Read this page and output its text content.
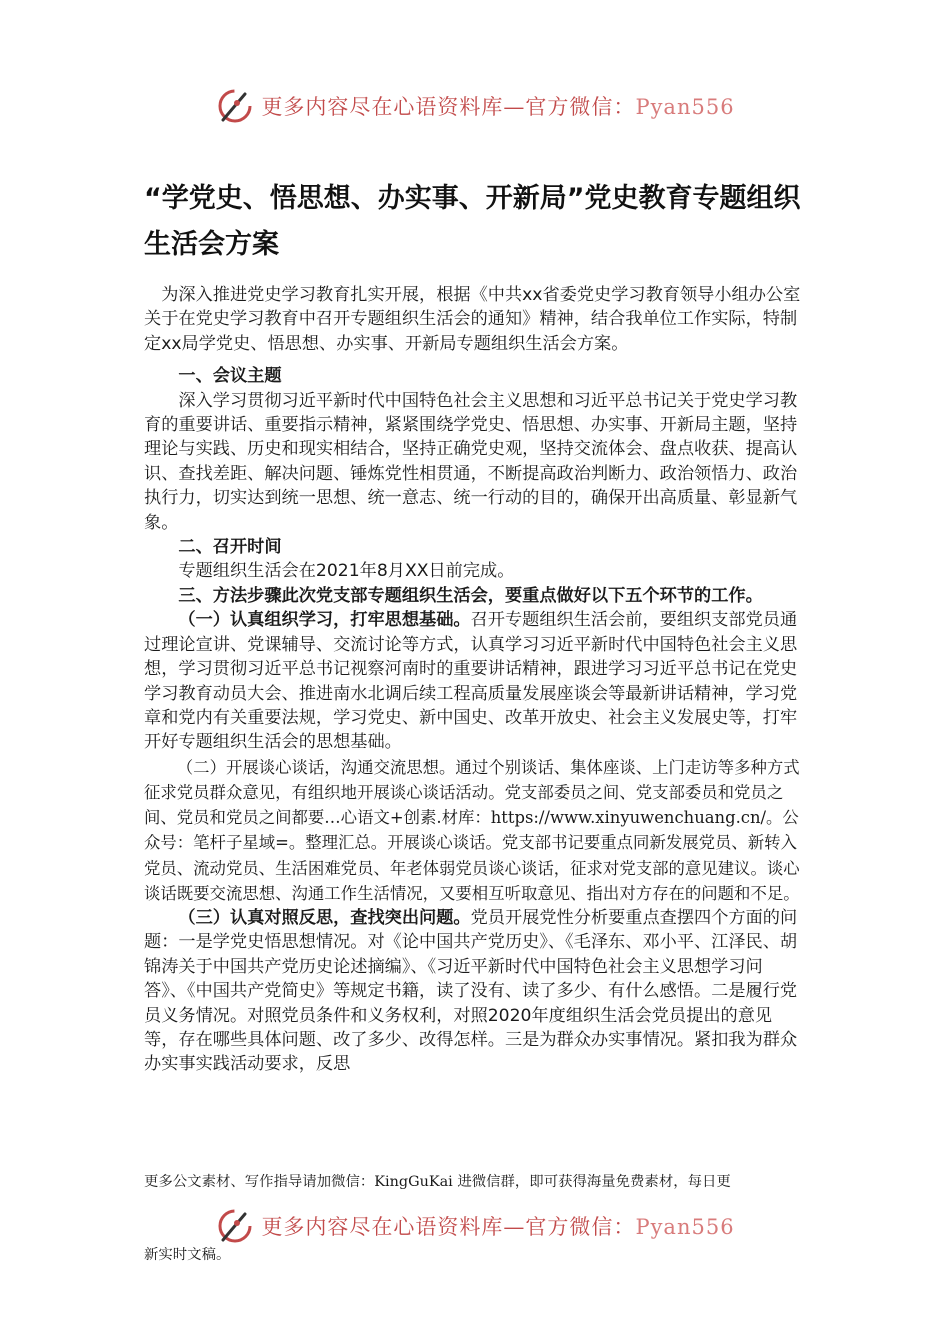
更多内容尽在心语资料库—官方微信：Pyan556
“学党史、悟思想、办实事、开新局”党史教育专题组织生活会方案

为深入推进党史学习教育扎实开展，根据《中共xx省委党史学习教育领导小组办公室关于在党史学习教育中召开专题组织生活会的通知》精神，结合我单位工作实际，特制定xx局学党史、悟思想、办实事、开新局专题组织生活会方案。

一、会议主题

深入学习贯彻习近平新时代中国特色社会主义思想和习近平总书记关于党史学习教育的重要讲话、重要指示精神，紧紧围绕学党史、悟思想、办实事、开新局主题，坚持理论与实践、历史和现实相结合，坚持正确党史观，坚持交流体会、盘点收获、提高认识、查找差距、解决问题、锤炼党性相贯通，不断提高政治判断力、政治领悟力、政治执行力，切实达到统一思想、统一意志、统一行动的目的，确保开出高质量、彰显新气象。

二、召开时间

专题组织生活会在2021年8月XX日前完成。

三、方法步骤此次党支部专题组织生活会，要重点做好以下五个环节的工作。

（一）认真组织学习，打牢思想基础。召开专题组织生活会前，要组织支部党员通过理论宣讲、党课辅导、交流讨论等方式，认真学习习近平新时代中国特色社会主义思想，学习贯彻习近平总书记视察河南时的重要讲话精神，跟进学习习近平总书记在党史学习教育动员大会、推进南水北调后续工程高质量发展座谈会等最新讲话精神，学习党章和党内有关重要法规，学习党史、新中国史、改革开放史、社会主义发展史等，打牢开好专题组织生活会的思想基础。

（二）开展谈心谈话，沟通交流思想。通过个别谈话、集体座谈、上门走访等多种方式征求党员群众意见，有组织地开展谈心谈话活动。党支部委员之间、党支部委员和党员之间、党员和党员之间都要…心语文+创素.材库：https://www.xinyuwenchuang.cn/。公众号：笔杆子星域=。整理汇总。开展谈心谈话。党支部书记要重点同新发展党员、新转入党员、流动党员、生活困难党员、年老体弱党员谈心谈话，征求对党支部的意见建议。谈心谈话既要交流思想、沟通工作生活情况，又要相互听取意见、指出对方存在的问题和不足。

（三）认真对照反思，查找突出问题。党员开展党性分析要重点查摆四个方面的问题：一是学党史悟思想情况。对《论中国共产党历史》、《毛泽东、邓小平、江泽民、胡锦涛关于中国共产党历史论述摘编》、《习近平新时代中国特色社会主义思想学习问答》、《中国共产党简史》等规定书籍，读了没有、读了多少、有什么感悟。二是履行党员义务情况。对照党员条件和义务权利，对照2020年度组织生活会党员提出的意见等，存在哪些具体问题、改了多少、改得怎样。三是为群众办实事情况。紧扣我为群众办实事实践活动要求，反思

更多公文素材、写作指导请加微信：KingGuKai 进微信群，即可获得海量免费素材，每日更
更多内容尽在心语资料库—官方微信：Pyan556
新实时文稿。
